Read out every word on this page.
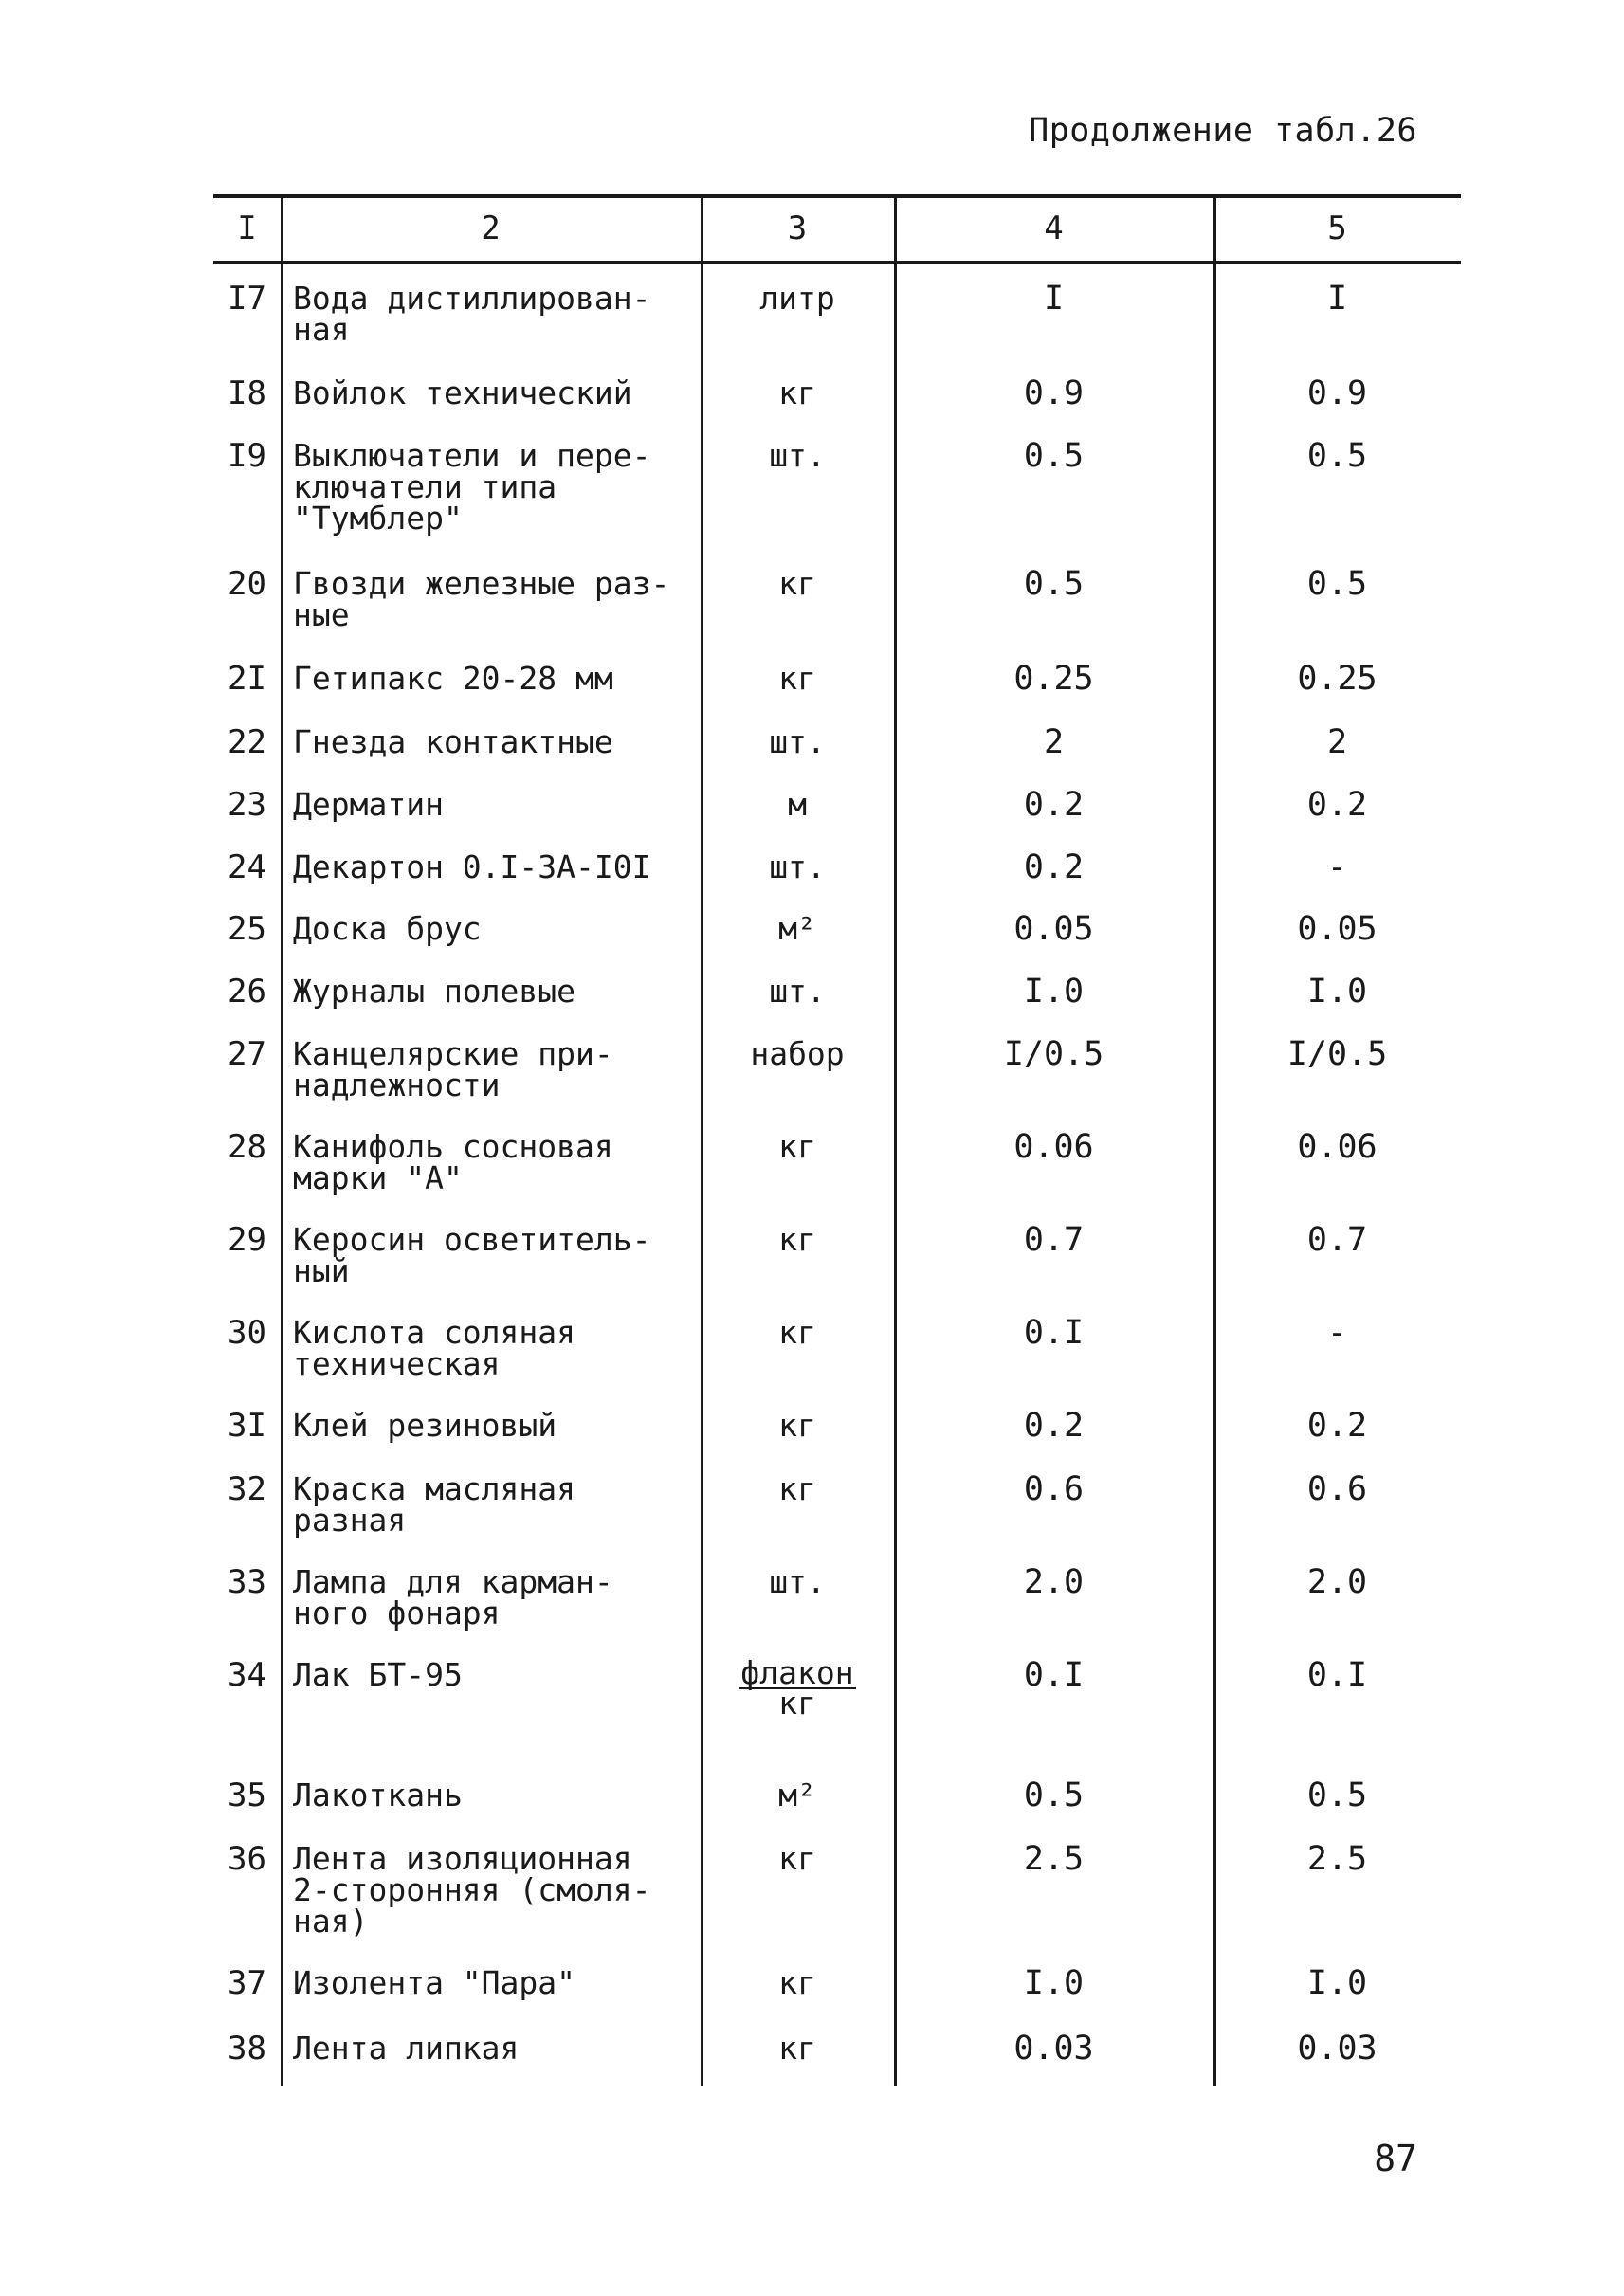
Продолжение табл.26
I	2	3	4	5
I7 Вода дистиллирован-
ная
литр	I	I
I8 Войлок технический	кг	0.9	0.9
I9 Выключатели и пере-
ключатели типа
"Тумблер"
шт.	0.5	0.5
20 Гвозди железные раз-
ные
кг	0.5	0.5
2I Гетипакс 20-28 мм	кг	0.25	0.25
22 Гнезда контактные	шт.	2	2
23 Дерматин	м	0.2	0.2
24 Декартон 0.I-3А-I0I	шт.	0.2	-
25 Доска брус	м²	0.05	0.05
26 Журналы полевые	шт.	I.0	I.0
27 Канцелярские при-
надлежности
набор	I/0.5	I/0.5
28 Канифоль сосновая
марки "А"
кг	0.06	0.06
29 Керосин осветитель-
ный
кг	0.7	0.7
30 Кислота соляная
техническая
кг	0.I	-
3I Клей резиновый	кг	0.2	0.2
32 Краска масляная
разная
кг	0.6	0.6
33 Лампа для карман-
ного фонаря
шт.	2.0	2.0
34 Лак БТ-95	$\frac{\text{флакон}}{кг}$	0.I	0.I
35 Лакоткань	м²	0.5	0.5
36 Лента изоляционная
2-сторонняя (смоля-
ная)
кг	2.5	2.5
37 Изолента "Пара"	кг	I.0	I.0
38 Лента липкая	кг	0.03	0.03
87
